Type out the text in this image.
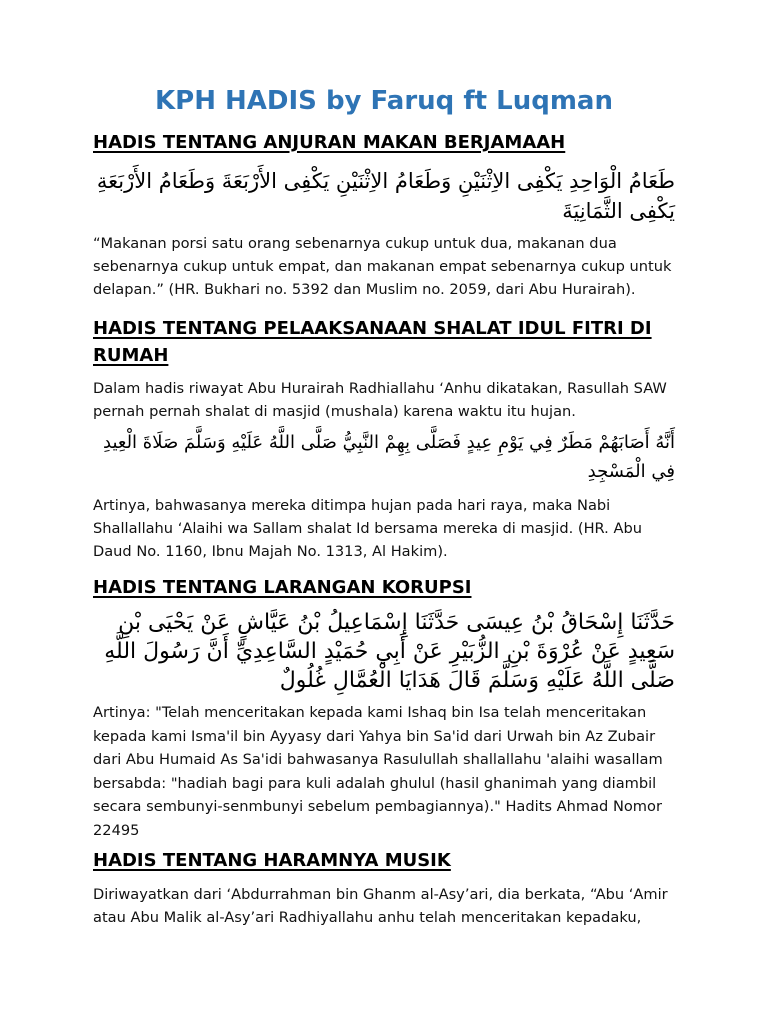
KPH HADIS by Faruq ft Luqman
HADIS TENTANG ANJURAN MAKAN BERJAMAAH
طَعَامُ الْوَاحِدِ يَكْفِى الاِثْنَيْنِ وَطَعَامُ الاِثْنَيْنِ يَكْفِى الأَرْبَعَةَ وَطَعَامُ الأَرْبَعَةِ يَكْفِى الثَّمَانِيَةَ
“Makanan porsi satu orang sebenarnya cukup untuk dua, makanan dua sebenarnya cukup untuk empat, dan makanan empat sebenarnya cukup untuk delapan.” (HR. Bukhari no. 5392 dan Muslim no. 2059, dari Abu Hurairah).
HADIS TENTANG PELAAKSANAAN SHALAT IDUL FITRI DI RUMAH
Dalam hadis riwayat Abu Hurairah Radhiallahu ‘Anhu dikatakan, Rasullah SAW pernah pernah shalat di masjid (mushala) karena waktu itu hujan.
أَنَّهُ أَصَابَهُمْ مَطَرٌ فِي يَوْمِ عِيدٍ فَصَلَّى بِهِمْ النَّبِيُّ صَلَّى اللَّهُ عَلَيْهِ وَسَلَّمَ صَلَاةَ الْعِيدِ فِي الْمَسْجِدِ
Artinya, bahwasanya mereka ditimpa hujan pada hari raya, maka Nabi Shallallahu ‘Alaihi wa Sallam shalat Id bersama mereka di masjid. (HR. Abu Daud No. 1160, Ibnu Majah No. 1313, Al Hakim).
HADIS TENTANG LARANGAN KORUPSI
حَدَّثَنَا إِسْحَاقُ بْنُ عِيسَى حَدَّثَنَا إِسْمَاعِيلُ بْنُ عَيَّاشٍ عَنْ يَحْيَى بْنِ سَعِيدٍ عَنْ عُرْوَةَ بْنِ الزُّبَيْرِ عَنْ أَبِي حُمَيْدٍ السَّاعِدِيِّ أَنَّ رَسُولَ اللَّهِ صَلَّى اللَّهُ عَلَيْهِ وَسَلَّمَ قَالَ هَدَايَا الْعُمَّالِ غُلُولٌ
Artinya: "Telah menceritakan kepada kami Ishaq bin Isa telah menceritakan kepada kami Isma'il bin Ayyasy dari Yahya bin Sa'id dari Urwah bin Az Zubair dari Abu Humaid As Sa'idi bahwasanya Rasulullah shallallahu 'alaihi wasallam bersabda: "hadiah bagi para kuli adalah ghulul (hasil ghanimah yang diambil secara sembunyi-senmbunyi sebelum pembagiannya)." Hadits Ahmad Nomor 22495
HADIS TENTANG HARAMNYA MUSIK
Diriwayatkan dari ‘Abdurrahman bin Ghanm al-Asy’ari, dia berkata, “Abu ‘Amir atau Abu Malik al-Asy’ari Radhiyallahu anhu telah menceritakan kepadaku,
